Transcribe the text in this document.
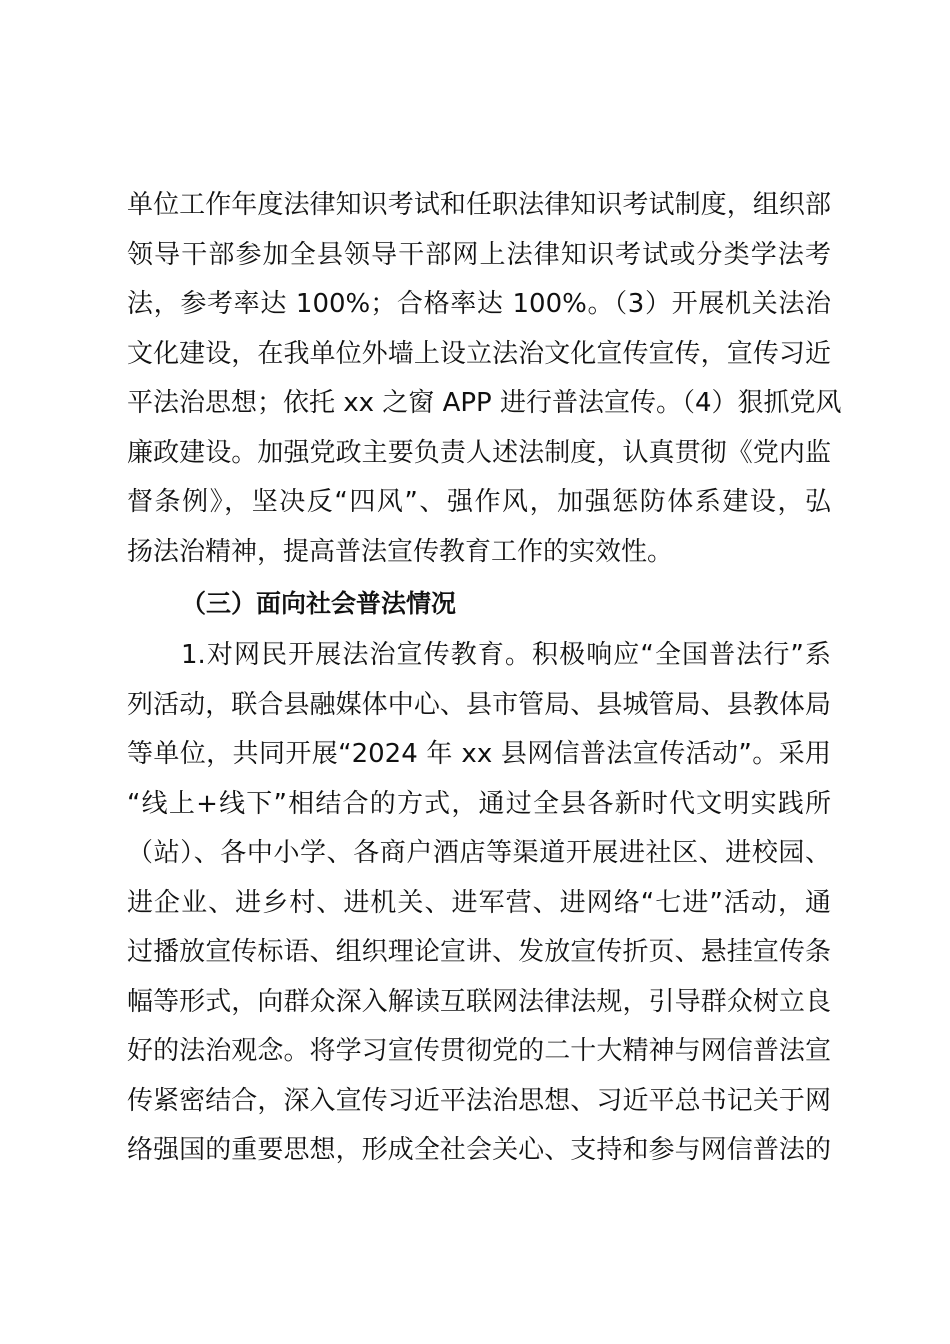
单位工作年度法律知识考试和任职法律知识考试制度，组织部
领导干部参加全县领导干部网上法律知识考试或分类学法考
法，参考率达 100%；合格率达 100%。（3）开展机关法治
文化建设，在我单位外墙上设立法治文化宣传宣传，宣传习近
平法治思想；依托 xx 之窗 APP 进行普法宣传。（4）狠抓党风
廉政建设。加强党政主要负责人述法制度，认真贯彻《党内监
督条例》，坚决反“四风”、强作风，加强惩防体系建设，弘
扬法治精神，提高普法宣传教育工作的实效性。
（三）面向社会普法情况
1.对网民开展法治宣传教育。积极响应“全国普法行”系
列活动，联合县融媒体中心、县市管局、县城管局、县教体局
等单位，共同开展“2024 年 xx 县网信普法宣传活动”。采用
“线上+线下”相结合的方式，通过全县各新时代文明实践所
（站）、各中小学、各商户酒店等渠道开展进社区、进校园、
进企业、进乡村、进机关、进军营、进网络“七进”活动，通
过播放宣传标语、组织理论宣讲、发放宣传折页、悬挂宣传条
幅等形式，向群众深入解读互联网法律法规，引导群众树立良
好的法治观念。将学习宣传贯彻党的二十大精神与网信普法宣
传紧密结合，深入宣传习近平法治思想、习近平总书记关于网
络强国的重要思想，形成全社会关心、支持和参与网信普法的
